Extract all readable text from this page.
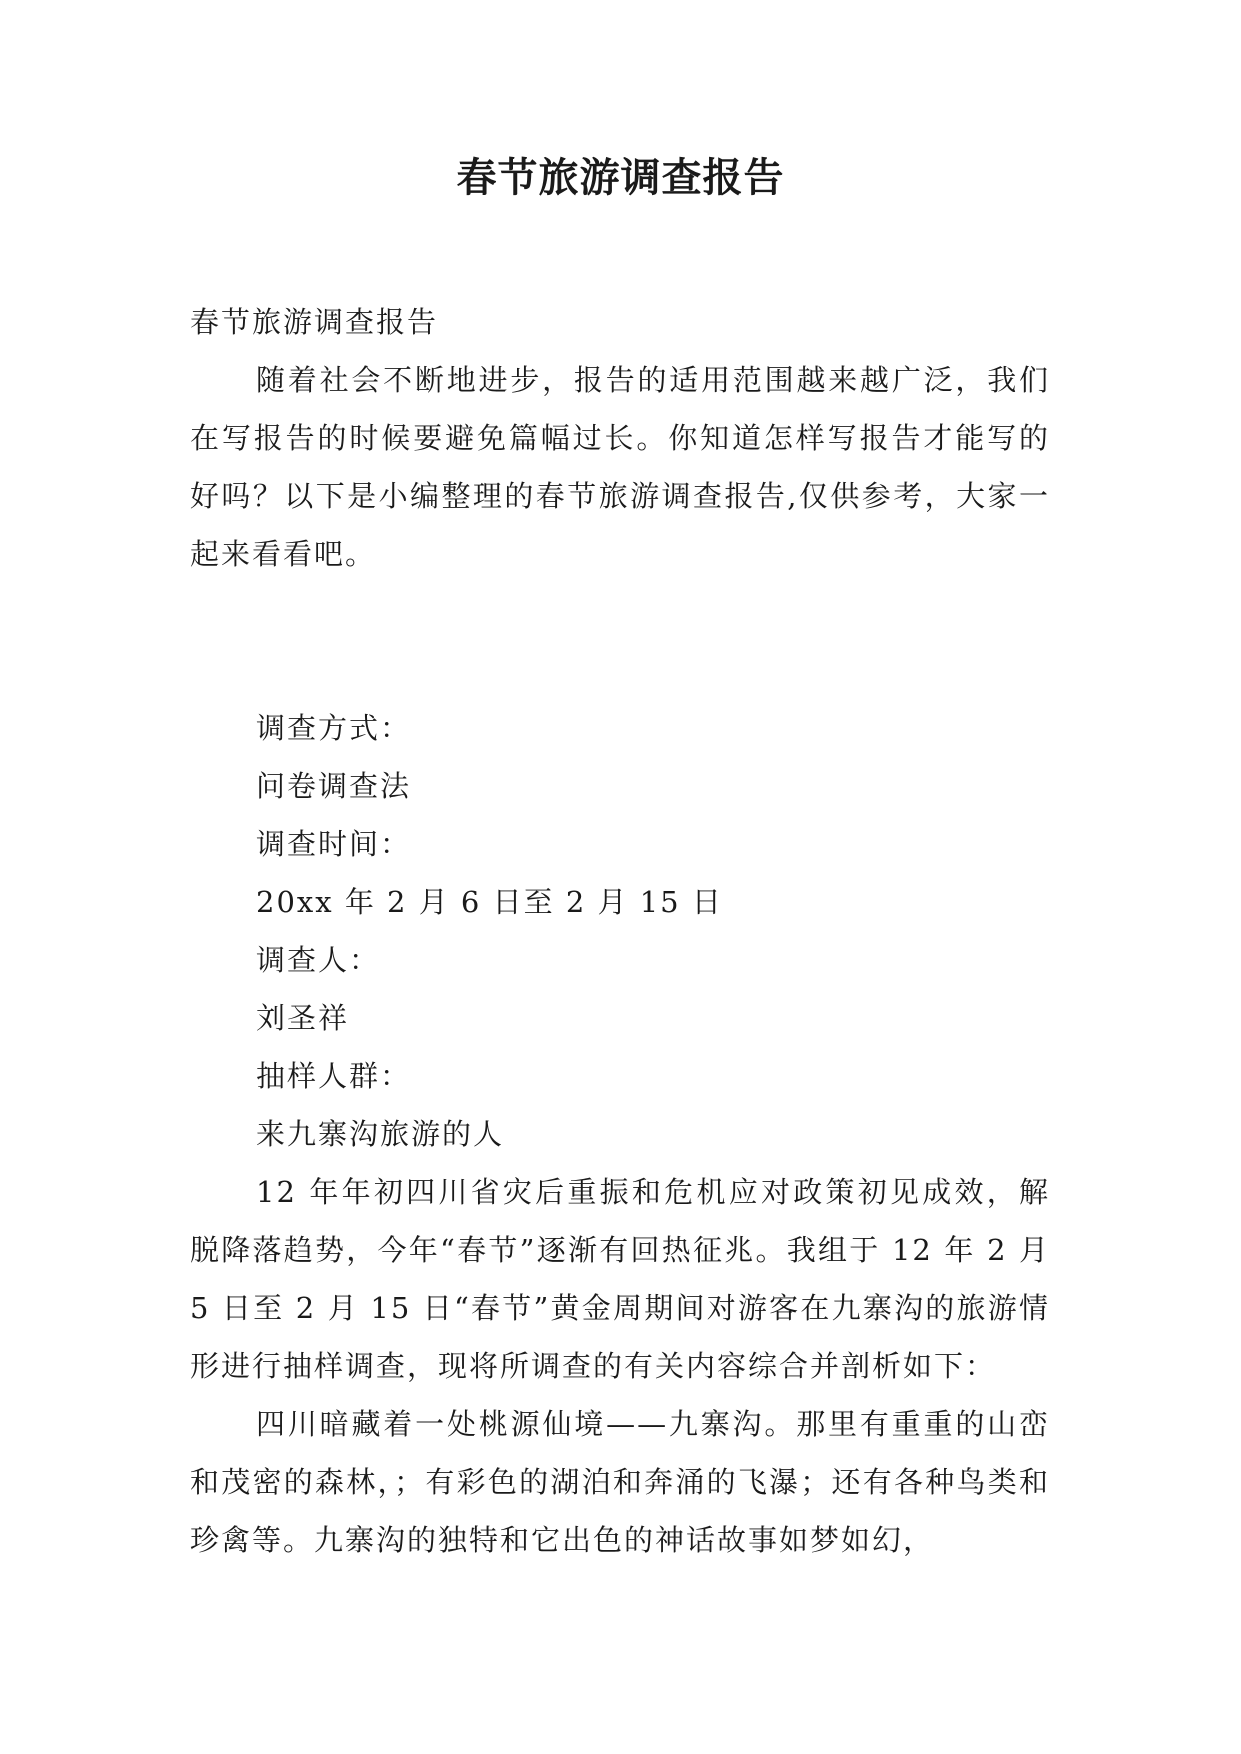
春节旅游调查报告

春节旅游调查报告

随着社会不断地进步，报告的适用范围越来越广泛，我们在写报告的时候要避免篇幅过长。你知道怎样写报告才能写的好吗？以下是小编整理的春节旅游调查报告,仅供参考，大家一起来看看吧。

调查方式：

问卷调查法

调查时间：

20xx 年 2 月 6 日至 2 月 15 日

调查人：

刘圣祥

抽样人群：

来九寨沟旅游的人

12 年年初四川省灾后重振和危机应对政策初见成效，解脱降落趋势，今年“春节”逐渐有回热征兆。我组于 12 年 2 月 5 日至 2 月 15 日“春节”黄金周期间对游客在九寨沟的旅游情形进行抽样调查，现将所调查的有关内容综合并剖析如下：

四川暗藏着一处桃源仙境——九寨沟。那里有重重的山峦和茂密的森林，；有彩色的湖泊和奔涌的飞瀑；还有各种鸟类和珍禽等。九寨沟的独特和它出色的神话故事如梦如幻，
